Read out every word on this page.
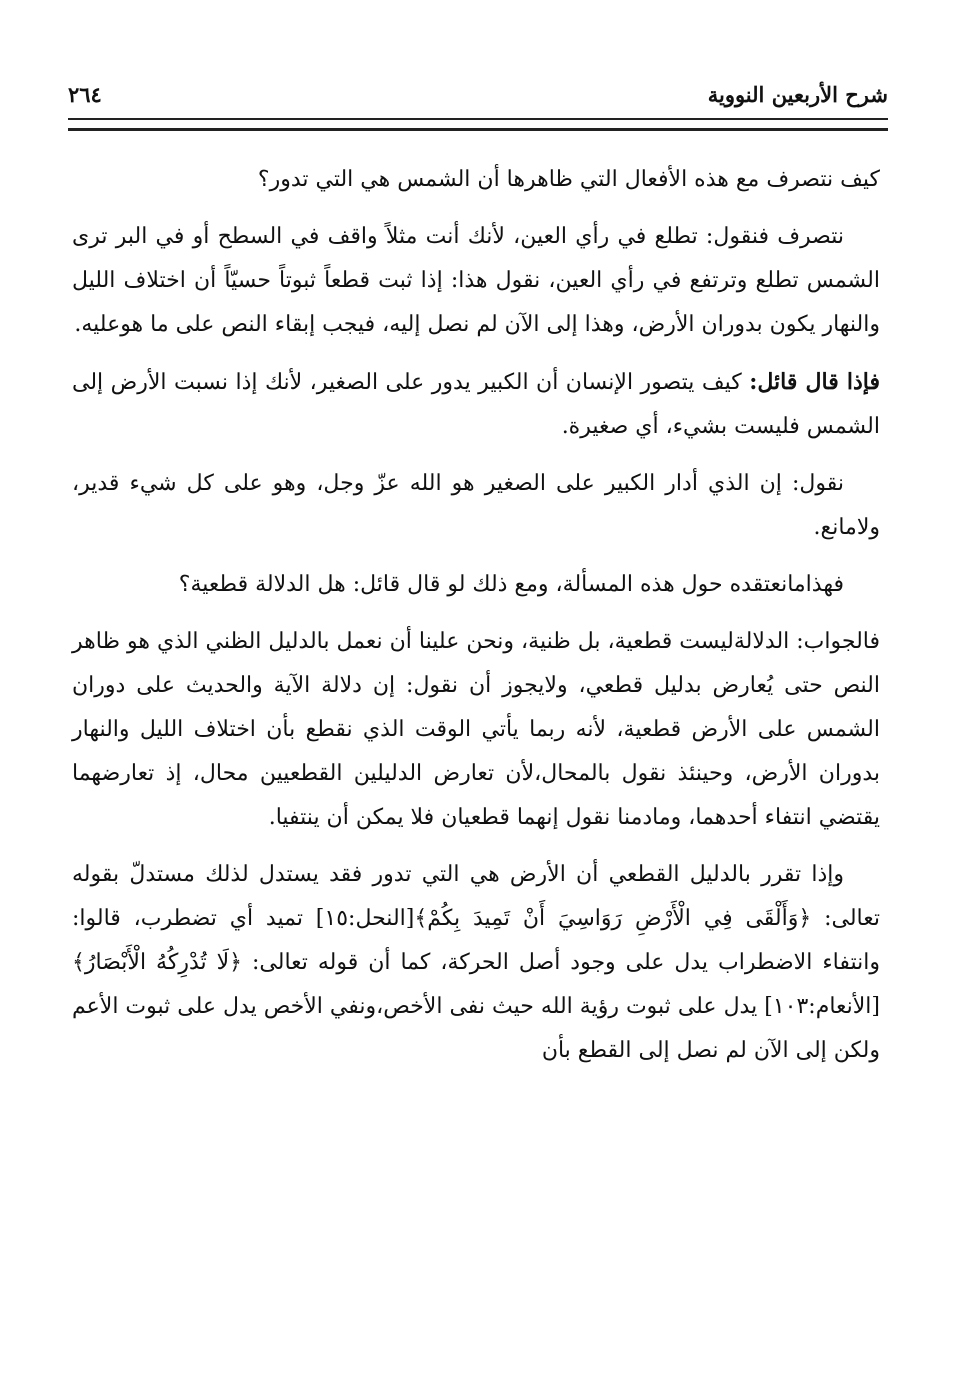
شرح الأربعين النووية
٢٦٤

كيف نتصرف مع هذه الأفعال التي ظاهرها أن الشمس هي التي تدور؟

نتصرف فنقول: تطلع في رأي العين، لأنك أنت مثلاً واقف في السطح أو في البر ترى الشمس تطلع وترتفع في رأي العين، نقول هذا: إذا ثبت قطعاً ثبوتاً حسيّاً أن اختلاف الليل والنهار يكون بدوران الأرض، وهذا إلى الآن لم نصل إليه، فيجب إبقاء النص على ما هوعليه.

فإذا قال قائل: كيف يتصور الإنسان أن الكبير يدور على الصغير، لأنك إذا نسبت الأرض إلى الشمس فليست بشيء، أي صغيرة.

نقول: إن الذي أدار الكبير على الصغير هو الله عزّ وجل، وهو على كل شيء قدير، ولامانع.

فهذامانعتقده حول هذه المسألة، ومع ذلك لو قال قائل: هل الدلالة قطعية؟

فالجواب: الدلالةليست قطعية، بل ظنية، ونحن علينا أن نعمل بالدليل الظني الذي هو ظاهر النص حتى يُعارض بدليل قطعي، ولايجوز أن نقول: إن دلالة الآية والحديث على دوران الشمس على الأرض قطعية، لأنه ربما يأتي الوقت الذي نقطع بأن اختلاف الليل والنهار بدوران الأرض، وحينئذ نقول بالمحال،لأن تعارض الدليلين القطعيين محال، إذ تعارضهما يقتضي انتفاء أحدهما، ومادمنا نقول إنهما قطعيان فلا يمكن أن ينتفيا.

وإذا تقرر بالدليل القطعي أن الأرض هي التي تدور فقد يستدل لذلك مستدلّ بقوله تعالى: ﴿وَأَلْقَى فِي الْأَرْضِ رَوَاسِيَ أَنْ تَمِيدَ بِكُمْ﴾[النحل:١٥] تميد أي تضطرب، قالوا: وانتفاء الاضطراب يدل على وجود أصل الحركة، كما أن قوله تعالى: ﴿لَا تُدْرِكُهُ الْأَبْصَارُ﴾[الأنعام:١٠٣] يدل على ثبوت رؤية الله حيث نفى الأخص،ونفي الأخص يدل على ثبوت الأعم ولكن إلى الآن لم نصل إلى القطع بأن
